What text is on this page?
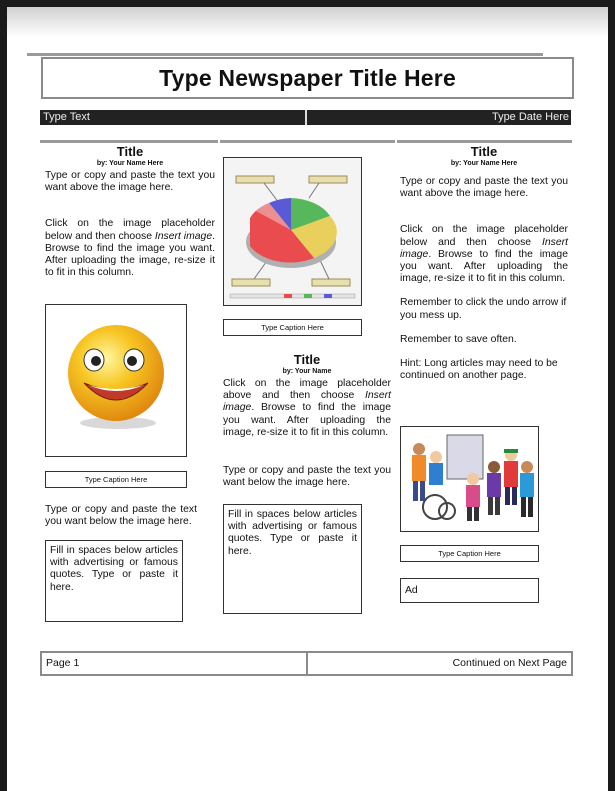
Type Newspaper Title Here
Type Text	Type Date Here
Title
by: Your Name Here

Type or copy and paste the text you want above the image here.

Click on the image placeholder below and then choose Insert image. Browse to find the image you want. After uploading the image, re-size it to fit in this column.

Type Caption Here
Type or copy and paste the text you want below the image here.
Fill in spaces below articles with advertising or famous quotes. Type or paste it here.
Type Caption Here
Title
by: Your Name

Click on the image placeholder above and then choose Insert image. Browse to find the image you want. After uploading the image, re-size it to fit in this column.

Type or copy and paste the text you want below the image here.

Fill in spaces below articles with advertising or famous quotes. Type or paste it here.
Title
by: Your Name Here

Type or copy and paste the text you want above the image here.

Click on the image placeholder below and then choose Insert image. Browse to find the image you want. After uploading the image, re-size it to fit in this column.

Remember to click the undo arrow if you mess up.

Remember to save often.

Hint: Long articles may need to be continued on another page.

Type Caption Here
Ad
Page 1	Continued on Next Page
